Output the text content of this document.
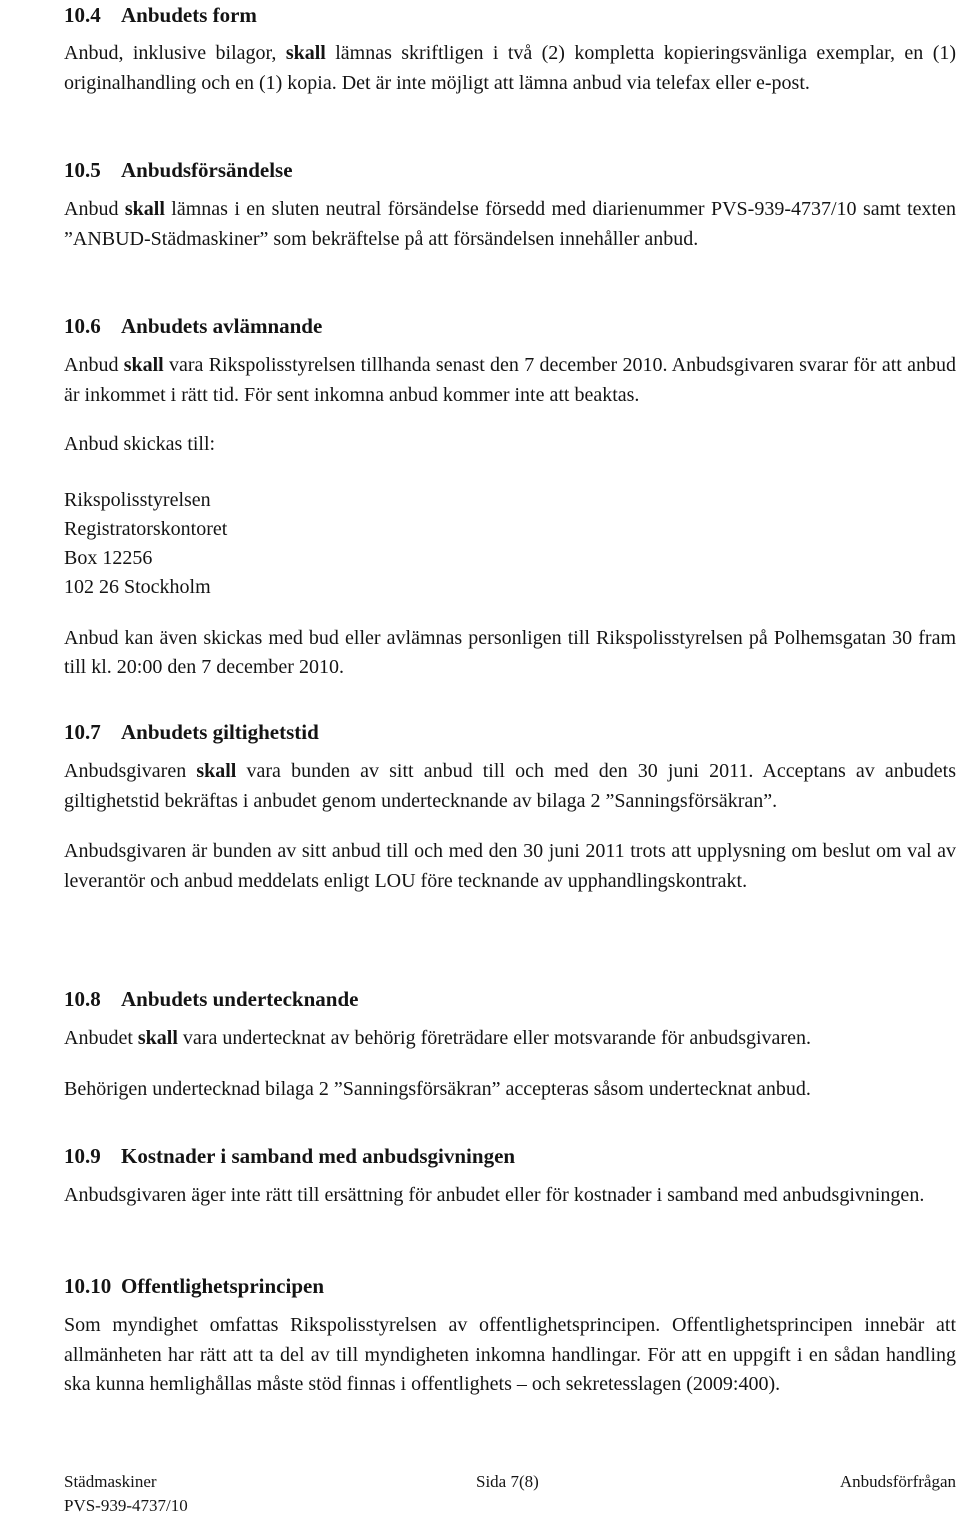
10.4 Anbudets form

Anbud, inklusive bilagor, skall lämnas skriftligen i två (2) kompletta kopieringsvänliga exemplar, en (1) originalhandling och en (1) kopia. Det är inte möjligt att lämna anbud via telefax eller e-post.

10.5 Anbudsförsändelse

Anbud skall lämnas i en sluten neutral försändelse försedd med diarienummer PVS-939-4737/10 samt texten ”ANBUD-Städmaskiner” som bekräftelse på att försändelsen innehåller anbud.

10.6 Anbudets avlämnande

Anbud skall vara Rikspolisstyrelsen tillhanda senast den 7 december 2010. Anbudsgivaren svarar för att anbud är inkommet i rätt tid. För sent inkomna anbud kommer inte att beaktas.

Anbud skickas till:

Rikspolisstyrelsen
Registratorskontoret
Box 12256
102 26 Stockholm

Anbud kan även skickas med bud eller avlämnas personligen till Rikspolisstyrelsen på Polhemsgatan 30 fram till kl. 20:00 den 7 december 2010.

10.7 Anbudets giltighetstid

Anbudsgivaren skall vara bunden av sitt anbud till och med den 30 juni 2011. Acceptans av anbudets giltighetstid bekräftas i anbudet genom undertecknande av bilaga 2 ”Sanningsförsäkran”.

Anbudsgivaren är bunden av sitt anbud till och med den 30 juni 2011 trots att upplysning om beslut om val av leverantör och anbud meddelats enligt LOU före tecknande av upphandlingskontrakt.

10.8 Anbudets undertecknande

Anbudet skall vara undertecknat av behörig företrädare eller motsvarande för anbudsgivaren.

Behörigen undertecknad bilaga 2 ”Sanningsförsäkran” accepteras såsom undertecknat anbud.

10.9 Kostnader i samband med anbudsgivningen

Anbudsgivaren äger inte rätt till ersättning för anbudet eller för kostnader i samband med anbudsgivningen.

10.10 Offentlighetsprincipen

Som myndighet omfattas Rikspolisstyrelsen av offentlighetsprincipen. Offentlighetsprincipen innebär att allmänheten har rätt att ta del av till myndigheten inkomna handlingar. För att en uppgift i en sådan handling ska kunna hemlighållas måste stöd finnas i offentlighets – och sekretesslagen (2009:400).

Städmaskiner
PVS-939-4737/10
Sida 7(8)	Anbudsförfrågan
